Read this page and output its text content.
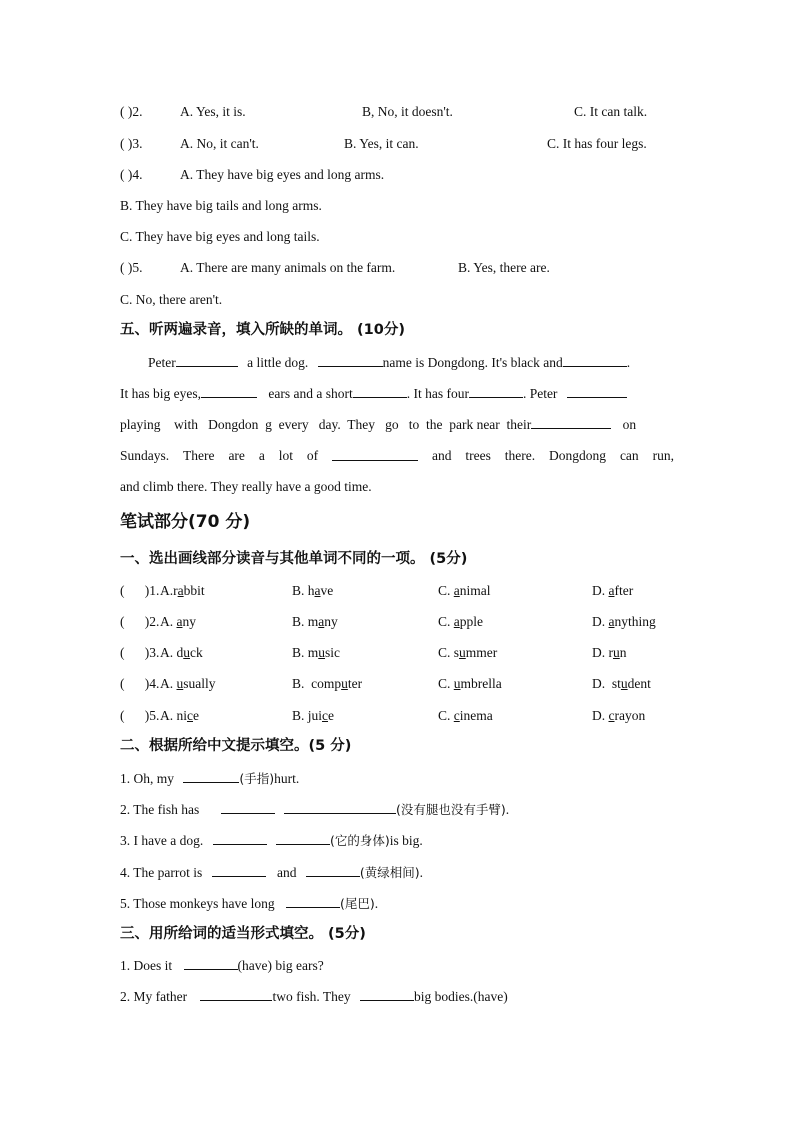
( )2.	A. Yes, it is.	B, No, it doesn't.	C. It can talk.
( )3.	A. No, it can't.	B. Yes, it can.	C. It has four legs.
( )4.	A. They have big eyes and long arms.
B. They have big tails and long arms.
C. They have big eyes and long tails.
( )5.	A. There are many animals on the farm.	B. Yes, there are.
C. No, there aren't.
五、听两遍录音，填入所缺的单词。 (10分)
Peter	a little dog.	name is Dongdong. It's black and	.
It has big eyes,	ears and a short	. It has four	. Peter
playing    with   Dongdon  g  every   day.  They   go   to  the  park near  their	on
Sundays. There are a lot of	and trees there. Dongdong can run,
and climb there. They really have a good time.
笔试部分(70 分)
一、选出画线部分读音与其他单词不同的一项。 (5分)
(      )1. A.rabbit	B. have	C. animal	D. after
(      )2. A. any	B. many	C. apple	D. anything
(      )3. A. duck	B. music	C. summer	D. run
(      )4. A. usually	B.  computer	C. umbrella	D.  student
(      )5. A. nice	B. juice	C. cinema	D. crayon
二、根据所给中文提示填空。(5 分)
1. Oh, my	(手指)hurt.
2. The fish has	(没有腿也没有手臂).
3. I have a dog.	(它的身体)is big.
4. The parrot is	and	(黄绿相间).
5. Those monkeys have long	(尾巴).
三、用所给词的适当形式填空。 (5分)
1. Does it	(have) big ears?
2. My father	two fish. They	big bodies.(have)
